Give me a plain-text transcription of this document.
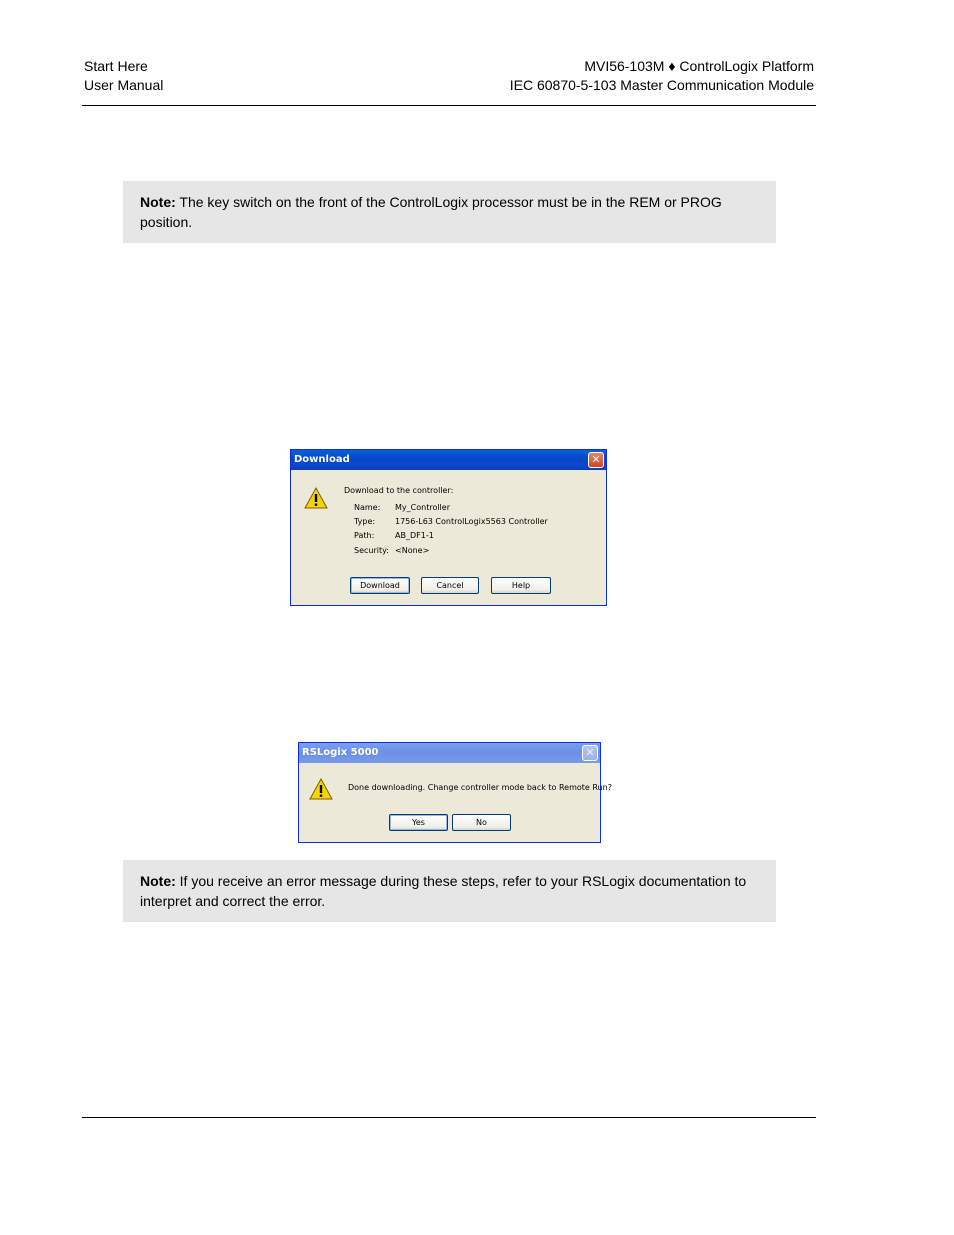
Start Here
User Manual
MVI56-103M ♦ ControlLogix Platform
IEC 60870-5-103 Master Communication Module
Note: The key switch on the front of the ControlLogix processor must be in the REM or PROG position.
Download	✕
Download to the controller:
Name: My_Controller
Type: 1756-L63 ControlLogix5563 Controller
Path:	AB_DF1-1
Security: <None>
Download	Cancel	Help
RSLogix 5000	✕
Done downloading. Change controller mode back to Remote Run?
Yes	No
Note: If you receive an error message during these steps, refer to your RSLogix documentation to interpret and correct the error.
